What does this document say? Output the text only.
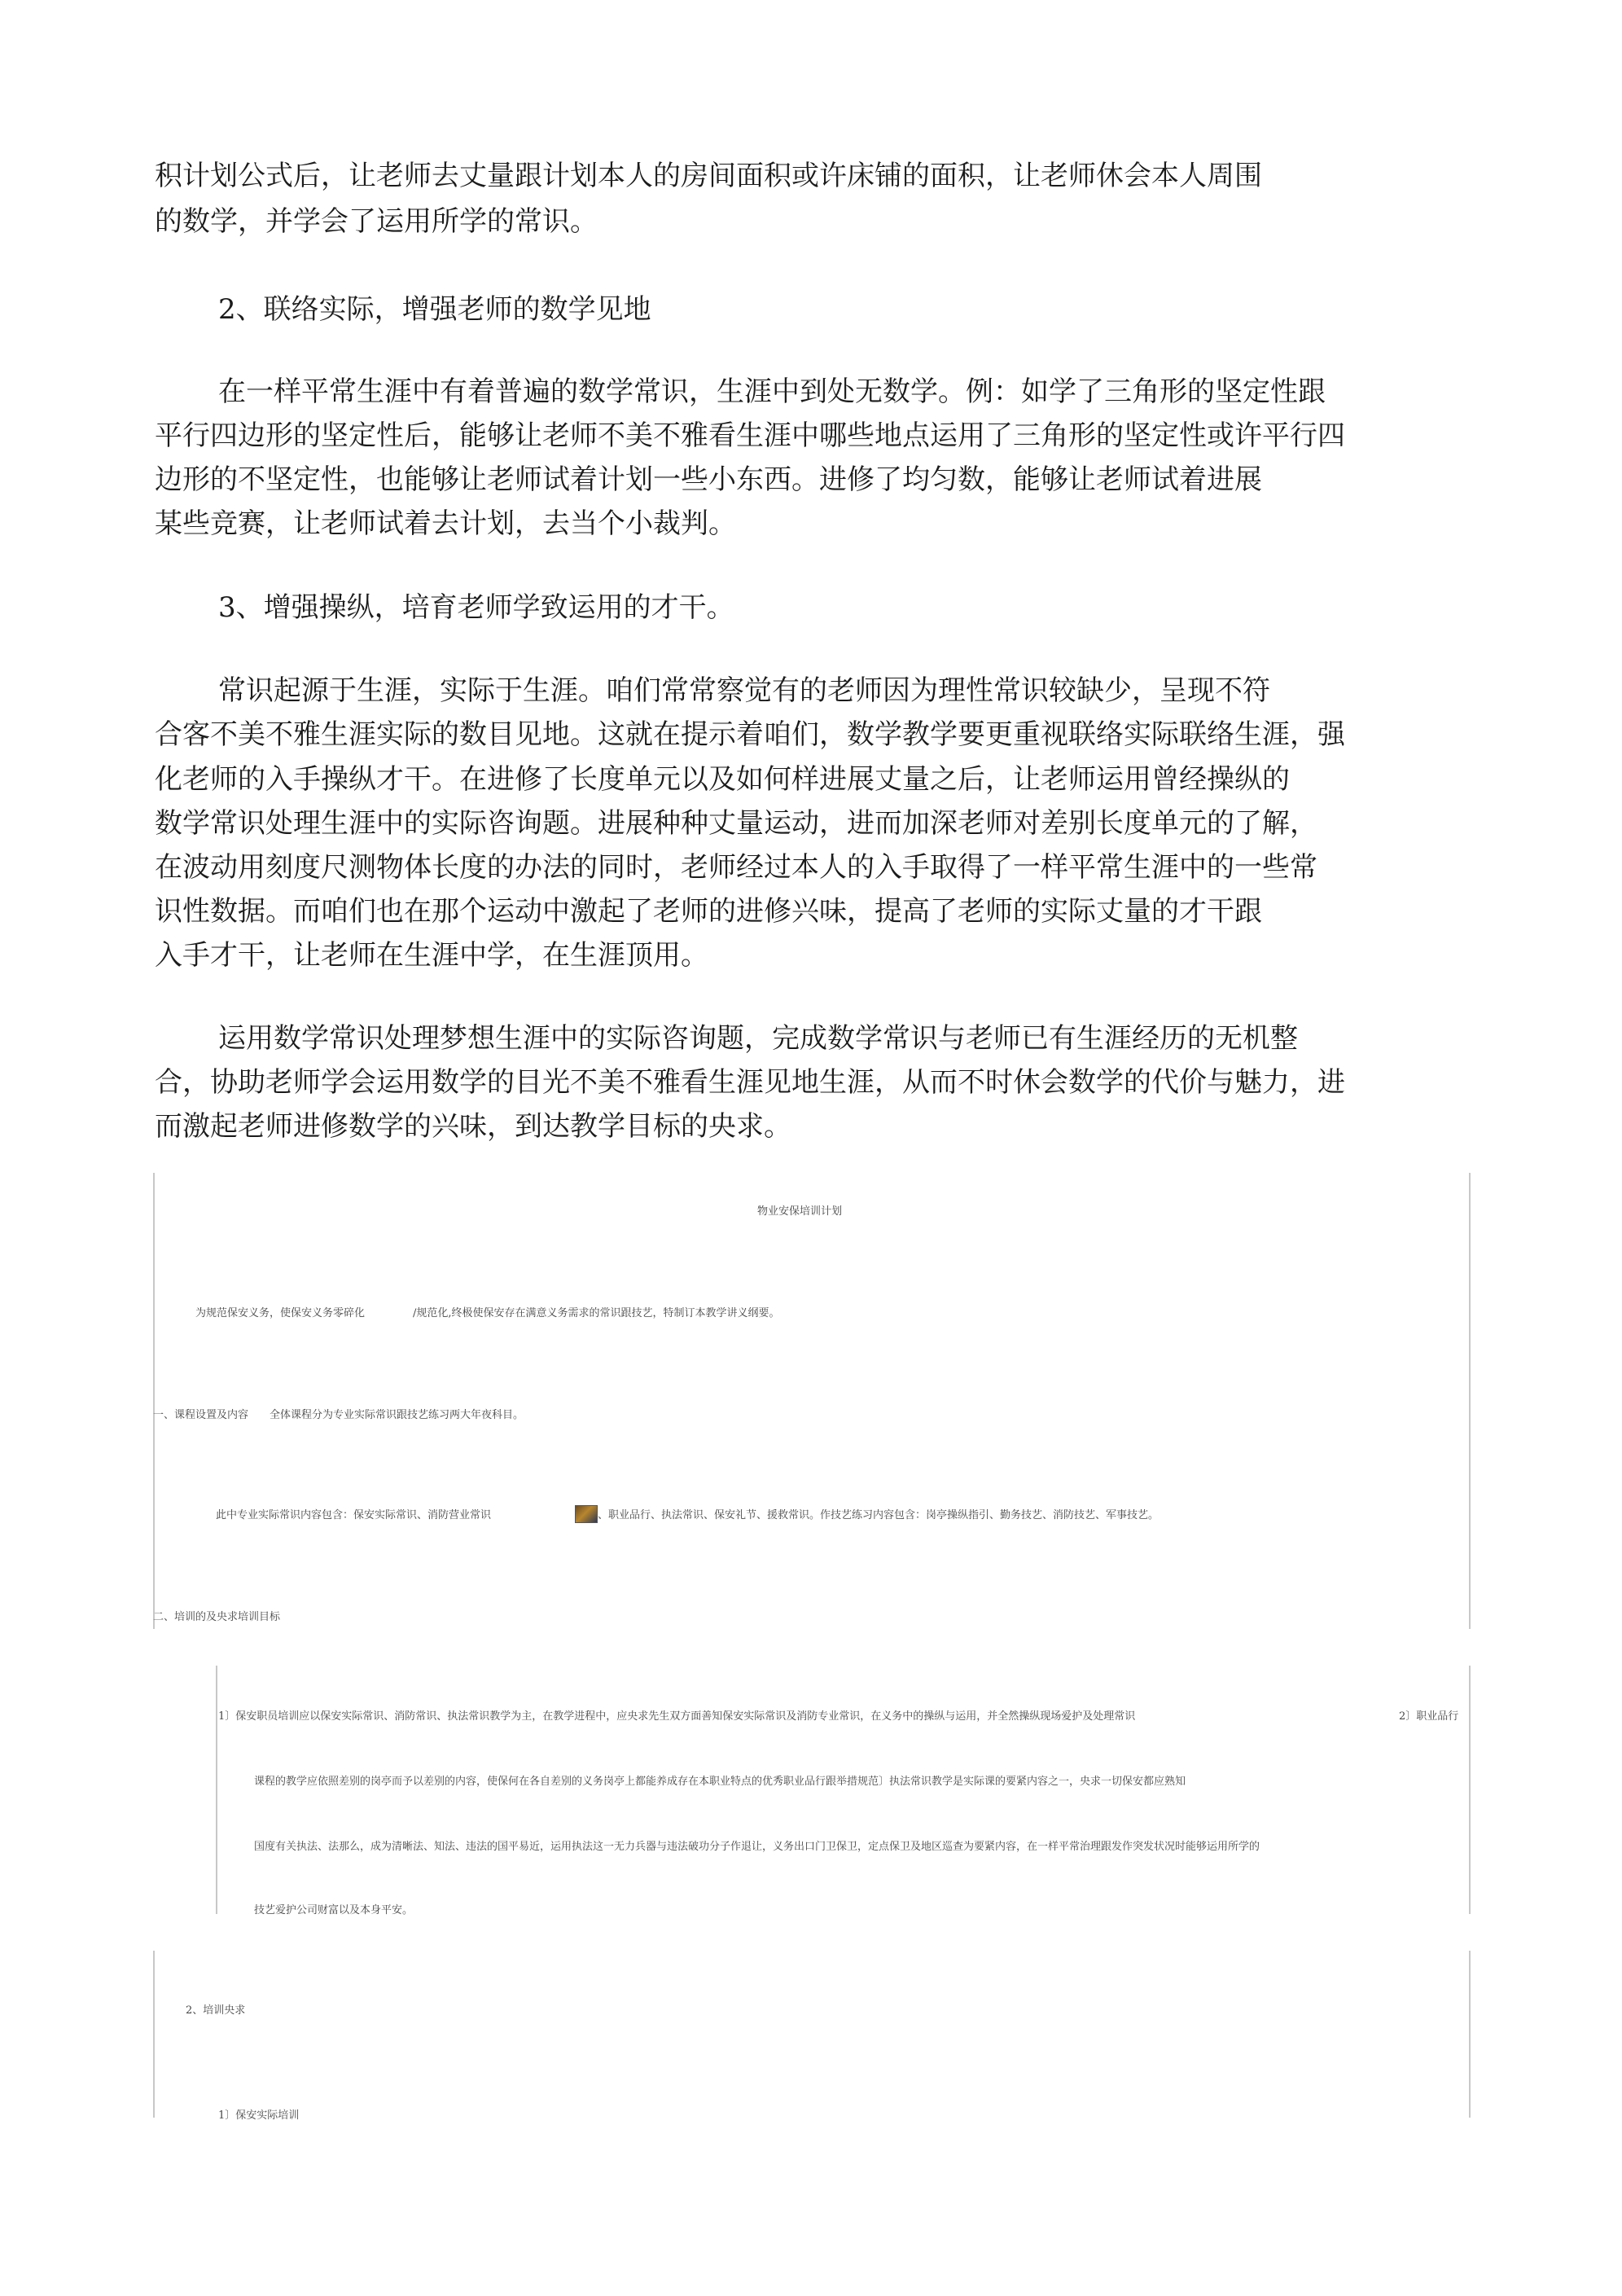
积计划公式后，让老师去丈量跟计划本人的房间面积或许床铺的面积，让老师休会本人周围
的数学，并学会了运用所学的常识。
2、联络实际，增强老师的数学见地
在一样平常生涯中有着普遍的数学常识，生涯中到处无数学。例：如学了三角形的坚定性跟
平行四边形的坚定性后，能够让老师不美不雅看生涯中哪些地点运用了三角形的坚定性或许平行四
边形的不坚定性，也能够让老师试着计划一些小东西。进修了均匀数，能够让老师试着进展
某些竞赛，让老师试着去计划，去当个小裁判。
3、增强操纵，培育老师学致运用的才干。
常识起源于生涯，实际于生涯。咱们常常察觉有的老师因为理性常识较缺少，呈现不符
合客不美不雅生涯实际的数目见地。这就在提示着咱们，数学教学要更重视联络实际联络生涯，强
化老师的入手操纵才干。在进修了长度单元以及如何样进展丈量之后，让老师运用曾经操纵的
数学常识处理生涯中的实际咨询题。进展种种丈量运动，进而加深老师对差别长度单元的了解，
在波动用刻度尺测物体长度的办法的同时，老师经过本人的入手取得了一样平常生涯中的一些常
识性数据。而咱们也在那个运动中激起了老师的进修兴味，提高了老师的实际丈量的才干跟
入手才干，让老师在生涯中学，在生涯顶用。
运用数学常识处理梦想生涯中的实际咨询题，完成数学常识与老师已有生涯经历的无机整
合，协助老师学会运用数学的目光不美不雅看生涯见地生涯，从而不时休会数学的代价与魅力，进
而激起老师进修数学的兴味，到达教学目标的央求。
物业安保培训计划
为规范保安义务，使保安义务零碎化	/规范化,终极使保安存在满意义务需求的常识跟技艺，特制订本教学讲义纲要。
一、课程设置及内容　　全体课程分为专业实际常识跟技艺练习两大年夜科目。
此中专业实际常识内容包含：保安实际常识、消防营业常识	、职业品行、执法常识、保安礼节、援救常识。作技艺练习内容包含：岗亭操纵指引、勤务技艺、消防技艺、军事技艺。
二、培训的及央求培训目标
1〕保安职员培训应以保安实际常识、消防常识、执法常识教学为主，在教学进程中，应央求先生双方面善知保安实际常识及消防专业常识，在义务中的操纵与运用，并全然操纵现场爱护及处理常识	2〕职业品行
课程的教学应依照差别的岗亭而予以差别的内容，使保何在各自差别的义务岗亭上都能养成存在本职业特点的优秀职业品行跟举措规范〕执法常识教学是实际课的要紧内容之一，央求一切保安都应熟知
国度有关执法、法那么，成为清晰法、知法、违法的国平易近，运用执法这一无力兵器与违法破功分子作退让，义务出口门卫保卫，定点保卫及地区巡查为要紧内容，在一样平常治理跟发作突发状况时能够运用所学的
技艺爱护公司财富以及本身平安。
2、培训央求
1〕保安实际培训
